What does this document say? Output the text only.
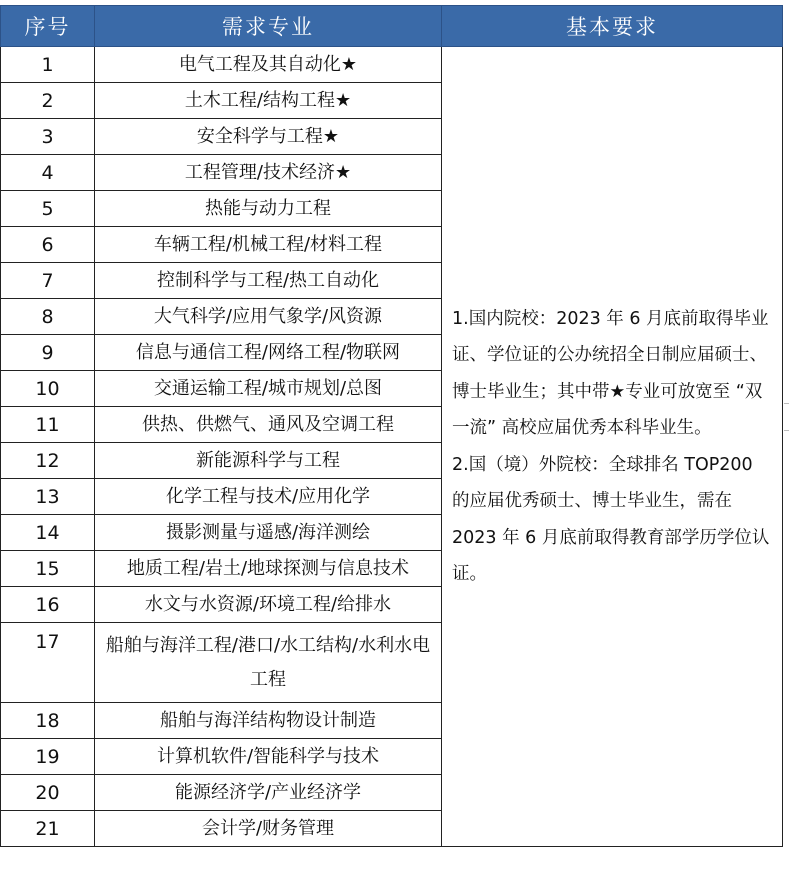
序号	需求专业	基本要求
1	电气工程及其自动化★	1.国内院校：2023 年 6 月底前取得毕业证、学位证的公办统招全日制应届硕士、博士毕业生；其中带★专业可放宽至 “双一流” 高校应届优秀本科毕业生。
2.国（境）外院校：全球排名 TOP200 的应届优秀硕士、博士毕业生，需在 2023 年 6 月底前取得教育部学历学位认证。

2	土木工程/结构工程★	
3	安全科学与工程★	
4	工程管理/技术经济★	
5	热能与动力工程	
6	车辆工程/机械工程/材料工程	
7	控制科学与工程/热工自动化	
8	大气科学/应用气象学/风资源	
9	信息与通信工程/网络工程/物联网	
10	交通运输工程/城市规划/总图	
11	供热、供燃气、通风及空调工程	
12	新能源科学与工程	
13	化学工程与技术/应用化学	
14	摄影测量与遥感/海洋测绘	
15	地质工程/岩土/地球探测与信息技术	
16	水文与水资源/环境工程/给排水	
17	船舶与海洋工程/港口/水工结构/水利水电工程	
18	船舶与海洋结构物设计制造	
19	计算机软件/智能科学与技术	
20	能源经济学/产业经济学	
21	会计学/财务管理	
